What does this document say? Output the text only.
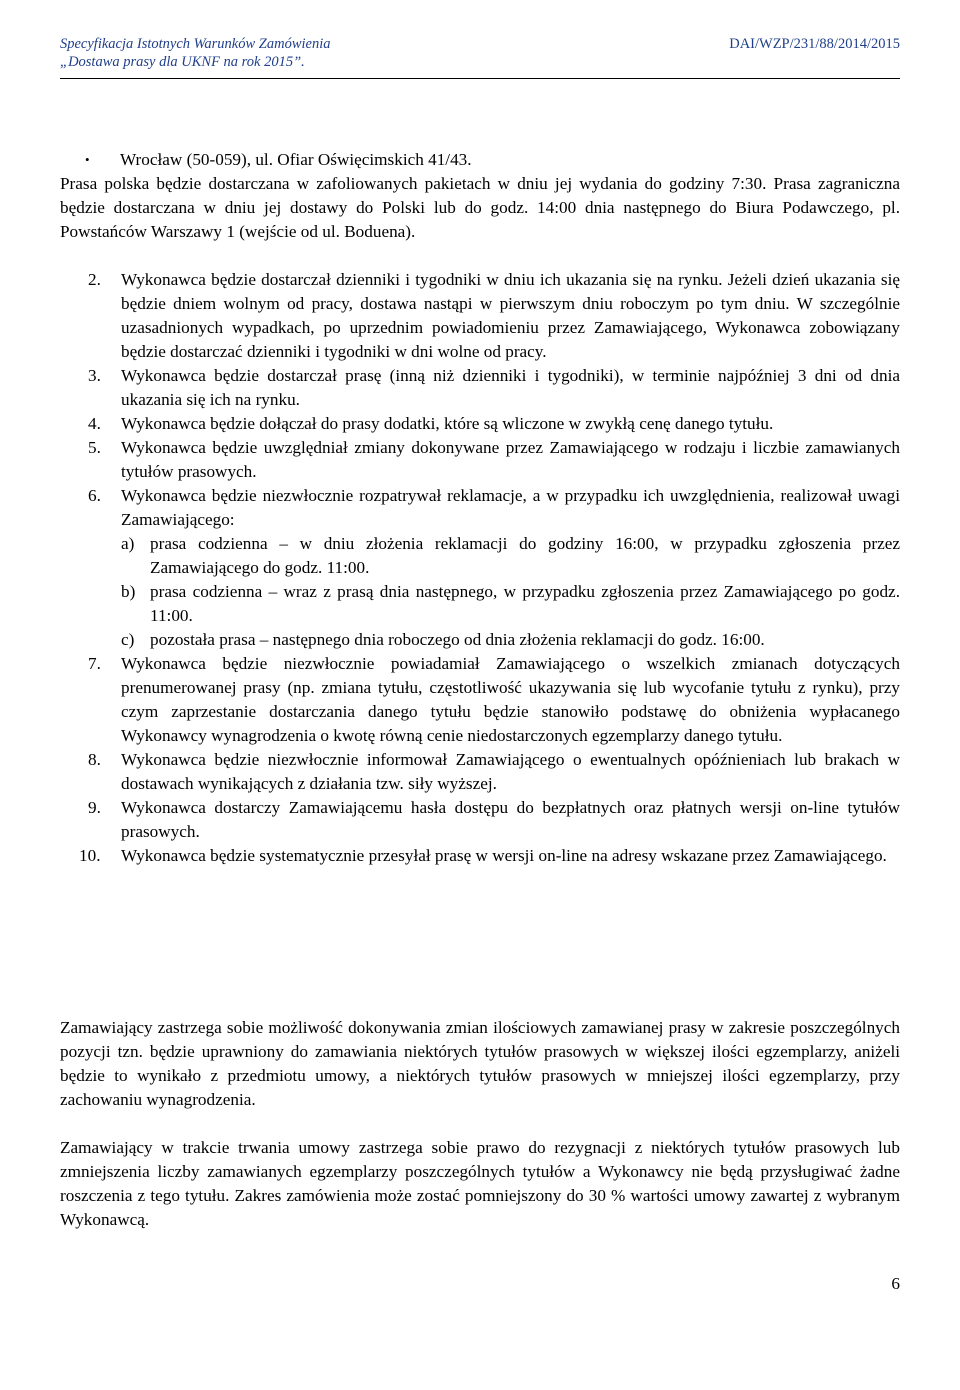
Specyfikacja Istotnych Warunków Zamówienia
„Dostawa prasy dla UKNF na rok 2015”.
DAI/WZP/231/88/2014/2015
• Wrocław (50-059), ul. Ofiar Oświęcimskich 41/43.
Prasa polska będzie dostarczana w zafoliowanych pakietach w dniu jej wydania do godziny 7:30. Prasa zagraniczna będzie dostarczana w dniu jej dostawy do Polski lub do godz. 14:00 dnia następnego do Biura Podawczego, pl. Powstańców Warszawy 1 (wejście od ul. Boduena).
2. Wykonawca będzie dostarczał dzienniki i tygodniki w dniu ich ukazania się na rynku. Jeżeli dzień ukazania się będzie dniem wolnym od pracy, dostawa nastąpi w pierwszym dniu roboczym po tym dniu. W szczególnie uzasadnionych wypadkach, po uprzednim powiadomieniu przez Zamawiającego, Wykonawca zobowiązany będzie dostarczać dzienniki i tygodniki w dni wolne od pracy.
3. Wykonawca będzie dostarczał prasę (inną niż dzienniki i tygodniki), w terminie najpóźniej 3 dni od dnia ukazania się ich na rynku.
4. Wykonawca będzie dołączał do prasy dodatki, które są wliczone w zwykłą cenę danego tytułu.
5. Wykonawca będzie uwzględniał zmiany dokonywane przez Zamawiającego w rodzaju i liczbie zamawianych tytułów prasowych.
6. Wykonawca będzie niezwłocznie rozpatrywał reklamacje, a w przypadku ich uwzględnienia, realizował uwagi Zamawiającego:
a) prasa codzienna – w dniu złożenia reklamacji do godziny 16:00, w przypadku zgłoszenia przez Zamawiającego do godz. 11:00.
b) prasa codzienna – wraz z prasą dnia następnego, w przypadku zgłoszenia przez Zamawiającego po godz. 11:00.
c) pozostała prasa – następnego dnia roboczego od dnia złożenia reklamacji do godz. 16:00.
7. Wykonawca będzie niezwłocznie powiadamiał Zamawiającego o wszelkich zmianach dotyczących prenumerowanej prasy (np. zmiana tytułu, częstotliwość ukazywania się lub wycofanie tytułu z rynku), przy czym zaprzestanie dostarczania danego tytułu będzie stanowiło podstawę do obniżenia wypłacanego Wykonawcy wynagrodzenia o kwotę równą cenie niedostarczonych egzemplarzy danego tytułu.
8. Wykonawca będzie niezwłocznie informował Zamawiającego o ewentualnych opóźnieniach lub brakach w dostawach wynikających z działania tzw. siły wyższej.
9. Wykonawca dostarczy Zamawiającemu hasła dostępu do bezpłatnych oraz płatnych wersji on-line tytułów prasowych.
10. Wykonawca będzie systematycznie przesyłał prasę w wersji on-line na adresy wskazane przez Zamawiającego.
Zamawiający zastrzega sobie możliwość dokonywania zmian ilościowych zamawianej prasy w zakresie poszczególnych pozycji tzn. będzie uprawniony do zamawiania niektórych tytułów prasowych w większej ilości egzemplarzy, aniżeli będzie to wynikało z przedmiotu umowy, a niektórych tytułów prasowych w mniejszej ilości egzemplarzy, przy zachowaniu wynagrodzenia.
Zamawiający w trakcie trwania umowy zastrzega sobie prawo do rezygnacji z niektórych tytułów prasowych lub zmniejszenia liczby zamawianych egzemplarzy poszczególnych tytułów a Wykonawcy nie będą przysługiwać żadne roszczenia z tego tytułu. Zakres zamówienia może zostać pomniejszony do 30 % wartości umowy zawartej z wybranym Wykonawcą.
6
